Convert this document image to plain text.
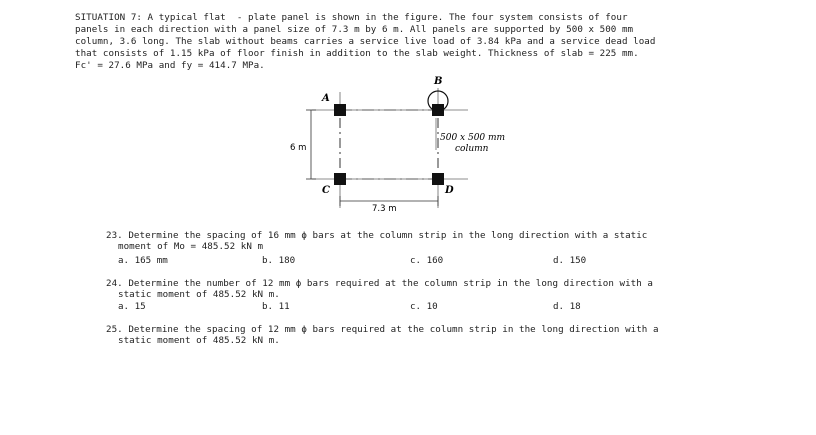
SITUATION 7: A typical flat  - plate panel is shown in the figure. The four system consists of four
panels in each direction with a panel size of 7.3 m by 6 m. All panels are supported by 500 x 500 mm
column, 3.6 long. The slab without beams carries a service live load of 3.84 kPa and a service dead load
that consists of 1.15 kPa of floor finish in addition to the slab weight. Thickness of slab = 225 mm.
Fc' = 27.6 MPa and fy = 414.7 MPa.
A
B
C	D
6 m
7.3 m
500 x 500 mm
column
23. Determine the spacing of 16 mm ϕ bars at the column strip in the long direction with a static
moment of Mo = 485.52 kN m
a. 165 mm	b. 180	c. 160	d. 150
24. Determine the number of 12 mm ϕ bars required at the column strip in the long direction with a
static moment of 485.52 kN m.
a. 15	b. 11	c. 10	d. 18
25. Determine the spacing of 12 mm ϕ bars required at the column strip in the long direction with a
static moment of 485.52 kN m.
